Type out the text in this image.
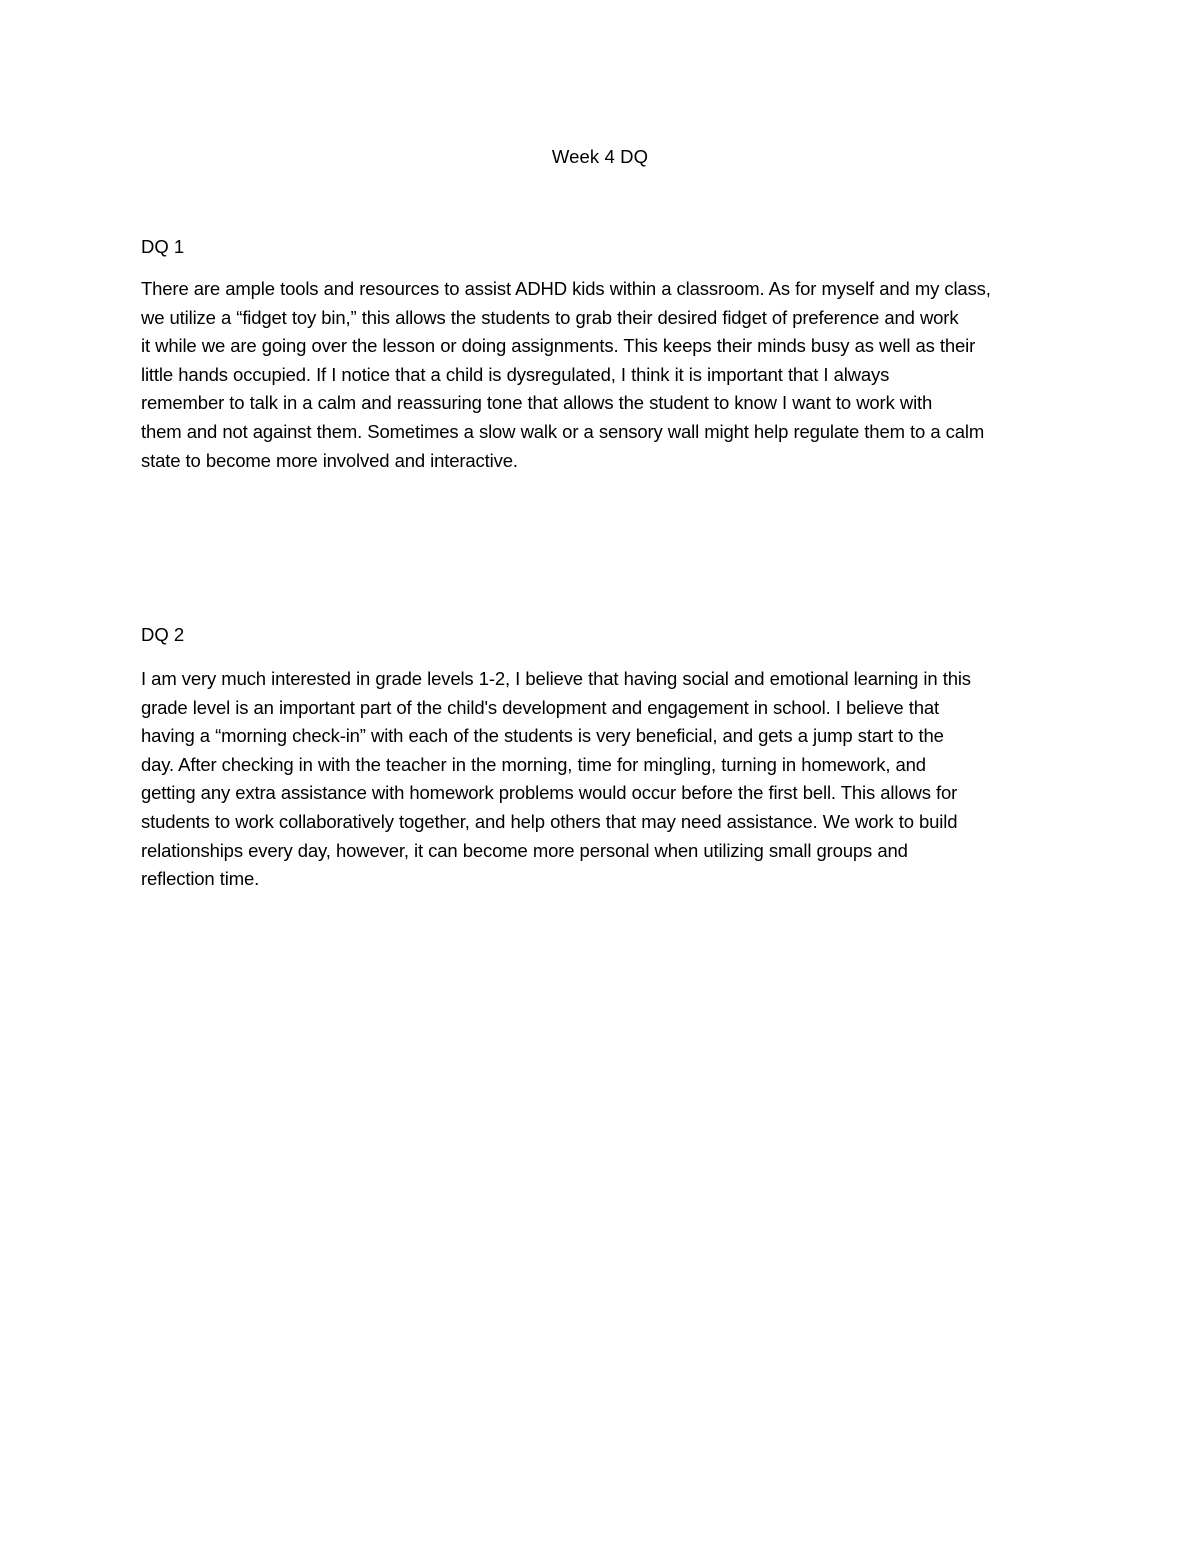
Week 4 DQ
DQ 1

There are ample tools and resources to assist ADHD kids within a classroom. As for myself and my class,
we utilize a “fidget toy bin,” this allows the students to grab their desired fidget of preference and work
it while we are going over the lesson or doing assignments. This keeps their minds busy as well as their
little hands occupied. If I notice that a child is dysregulated, I think it is important that I always
remember to talk in a calm and reassuring tone that allows the student to know I want to work with
them and not against them. Sometimes a slow walk or a sensory wall might help regulate them to a calm
state to become more involved and interactive.

DQ 2

I am very much interested in grade levels 1-2, I believe that having social and emotional learning in this
grade level is an important part of the child's development and engagement in school. I believe that
having a “morning check-in” with each of the students is very beneficial, and gets a jump start to the
day. After checking in with the teacher in the morning, time for mingling, turning in homework, and
getting any extra assistance with homework problems would occur before the first bell. This allows for
students to work collaboratively together, and help others that may need assistance. We work to build
relationships every day, however, it can become more personal when utilizing small groups and
reflection time.
